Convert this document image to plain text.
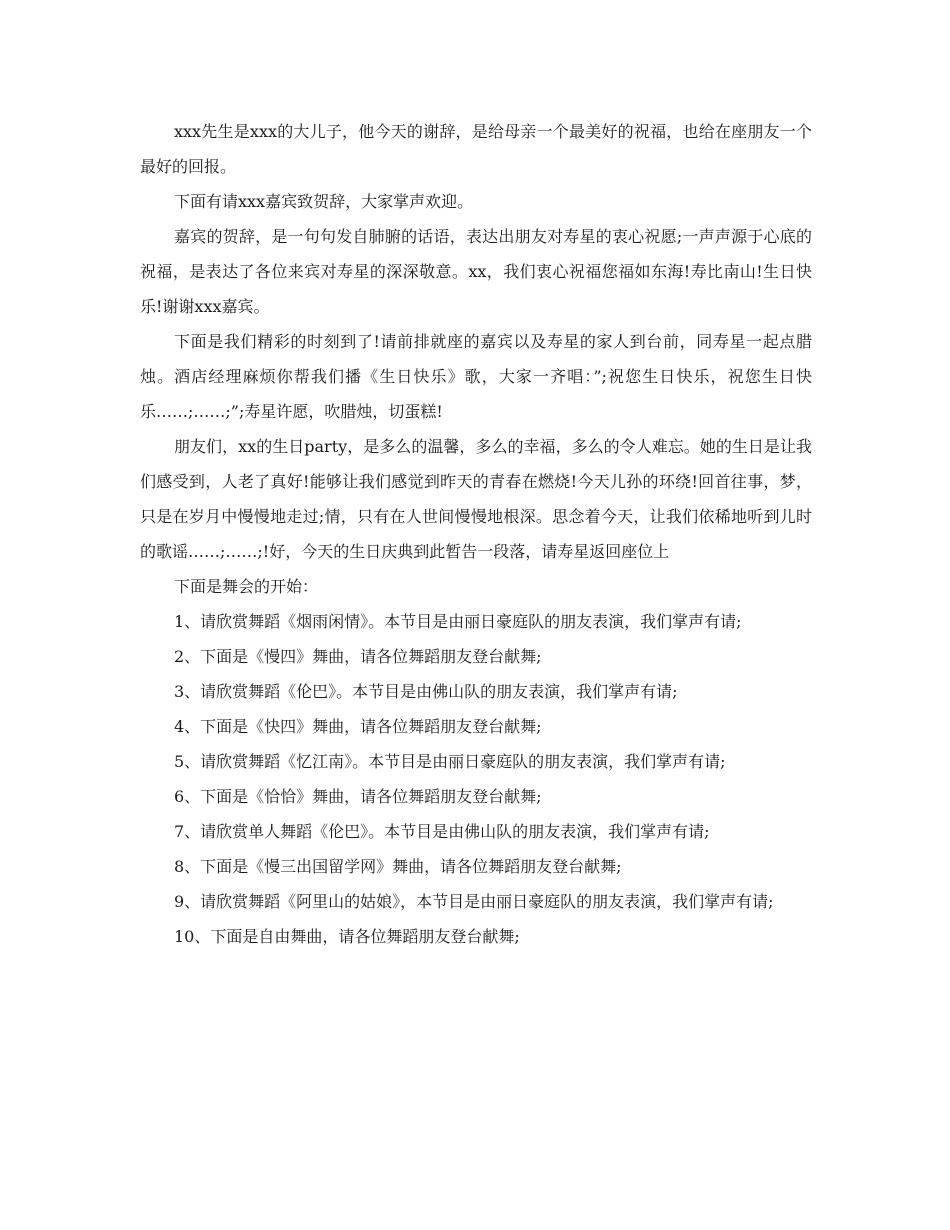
xxx先生是xxx的大儿子，他今天的谢辞，是给母亲一个最美好的祝福，也给在座朋友一个最好的回报。

下面有请xxx嘉宾致贺辞，大家掌声欢迎。

嘉宾的贺辞，是一句句发自肺腑的话语，表达出朋友对寿星的衷心祝愿;一声声源于心底的祝福，是表达了各位来宾对寿星的深深敬意。xx，我们衷心祝福您福如东海!寿比南山!生日快乐!谢谢xxx嘉宾。

下面是我们精彩的时刻到了!请前排就座的嘉宾以及寿星的家人到台前，同寿星一起点腊烛。酒店经理麻烦你帮我们播《生日快乐》歌，大家一齐唱：”;祝您生日快乐，祝您生日快乐……;……;”;寿星许愿，吹腊烛，切蛋糕!

朋友们，xx的生日party，是多么的温馨，多么的幸福，多么的令人难忘。她的生日是让我们感受到，人老了真好!能够让我们感觉到昨天的青春在燃烧!今天儿孙的环绕!回首往事，梦，只是在岁月中慢慢地走过;情，只有在人世间慢慢地根深。思念着今天，让我们依稀地听到儿时的歌谣……;……;!好，今天的生日庆典到此暂告一段落，请寿星返回座位上

下面是舞会的开始：

1、请欣赏舞蹈《烟雨闲情》。本节目是由丽日豪庭队的朋友表演，我们掌声有请;

2、下面是《慢四》舞曲，请各位舞蹈朋友登台献舞;

3、请欣赏舞蹈《伦巴》。本节目是由佛山队的朋友表演，我们掌声有请;

4、下面是《快四》舞曲，请各位舞蹈朋友登台献舞;

5、请欣赏舞蹈《忆江南》。本节目是由丽日豪庭队的朋友表演，我们掌声有请;

6、下面是《恰恰》舞曲，请各位舞蹈朋友登台献舞;

7、请欣赏单人舞蹈《伦巴》。本节目是由佛山队的朋友表演，我们掌声有请;

8、下面是《慢三出国留学网》舞曲，请各位舞蹈朋友登台献舞;

9、请欣赏舞蹈《阿里山的姑娘》，本节目是由丽日豪庭队的朋友表演，我们掌声有请;

10、下面是自由舞曲，请各位舞蹈朋友登台献舞;
